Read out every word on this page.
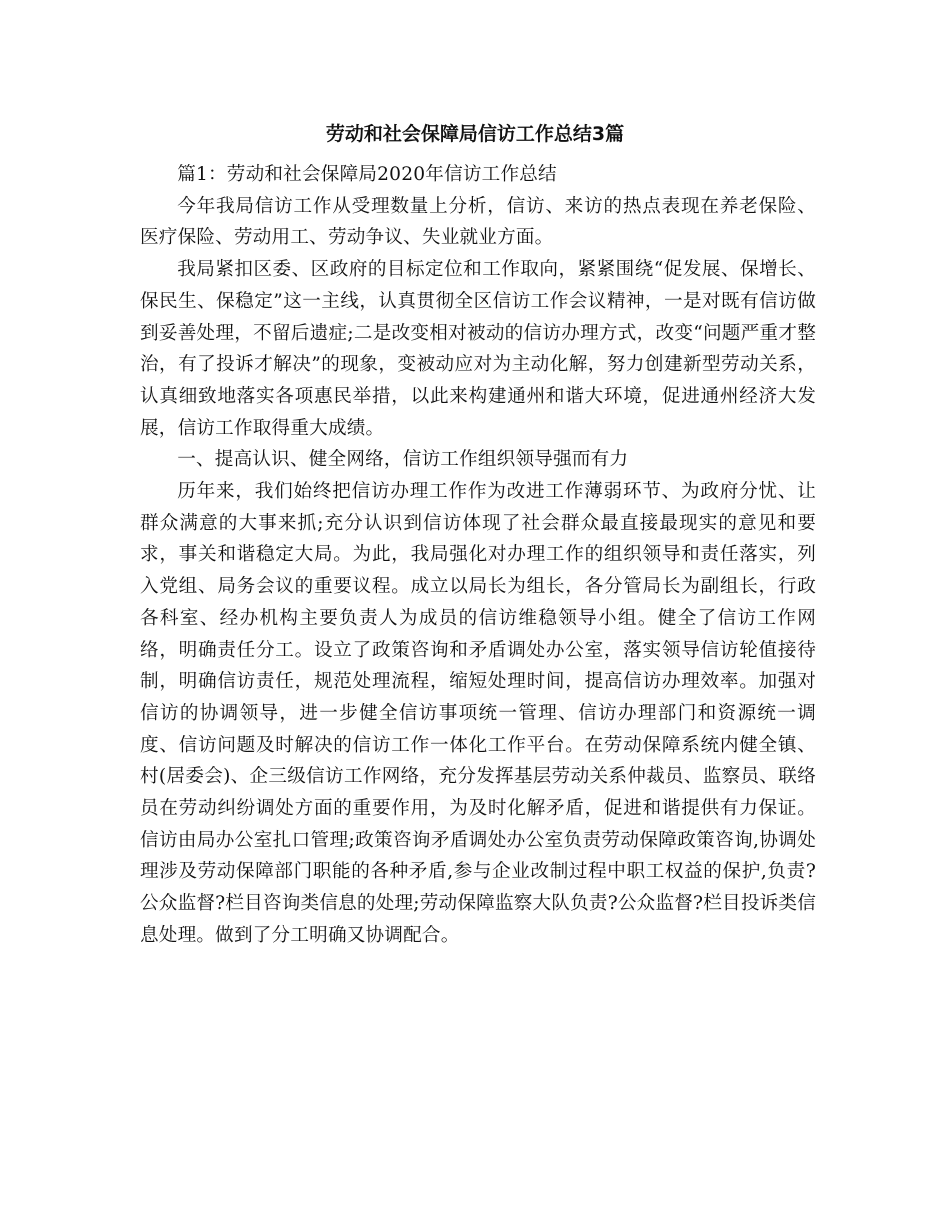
劳动和社会保障局信访工作总结3篇

篇1：劳动和社会保障局2020年信访工作总结

今年我局信访工作从受理数量上分析，信访、来访的热点表现在养老保险、医疗保险、劳动用工、劳动争议、失业就业方面。

我局紧扣区委、区政府的目标定位和工作取向，紧紧围绕“促发展、保增长、保民生、保稳定”这一主线，认真贯彻全区信访工作会议精神，一是对既有信访做到妥善处理，不留后遗症;二是改变相对被动的信访办理方式，改变“问题严重才整治，有了投诉才解决”的现象，变被动应对为主动化解，努力创建新型劳动关系，认真细致地落实各项惠民举措，以此来构建通州和谐大环境，促进通州经济大发展，信访工作取得重大成绩。

一、提高认识、健全网络，信访工作组织领导强而有力

历年来，我们始终把信访办理工作作为改进工作薄弱环节、为政府分忧、让群众满意的大事来抓;充分认识到信访体现了社会群众最直接最现实的意见和要求，事关和谐稳定大局。为此，我局强化对办理工作的组织领导和责任落实，列入党组、局务会议的重要议程。成立以局长为组长，各分管局长为副组长，行政各科室、经办机构主要负责人为成员的信访维稳领导小组。健全了信访工作网络，明确责任分工。设立了政策咨询和矛盾调处办公室，落实领导信访轮值接待制，明确信访责任，规范处理流程，缩短处理时间，提高信访办理效率。加强对信访的协调领导，进一步健全信访事项统一管理、信访办理部门和资源统一调度、信访问题及时解决的信访工作一体化工作平台。在劳动保障系统内健全镇、村(居委会)、企三级信访工作网络，充分发挥基层劳动关系仲裁员、监察员、联络员在劳动纠纷调处方面的重要作用，为及时化解矛盾，促进和谐提供有力保证。信访由局办公室扎口管理;政策咨询矛盾调处办公室负责劳动保障政策咨询,协调处理涉及劳动保障部门职能的各种矛盾,参与企业改制过程中职工权益的保护,负责?公众监督?栏目咨询类信息的处理;劳动保障监察大队负责?公众监督?栏目投诉类信息处理。做到了分工明确又协调配合。
